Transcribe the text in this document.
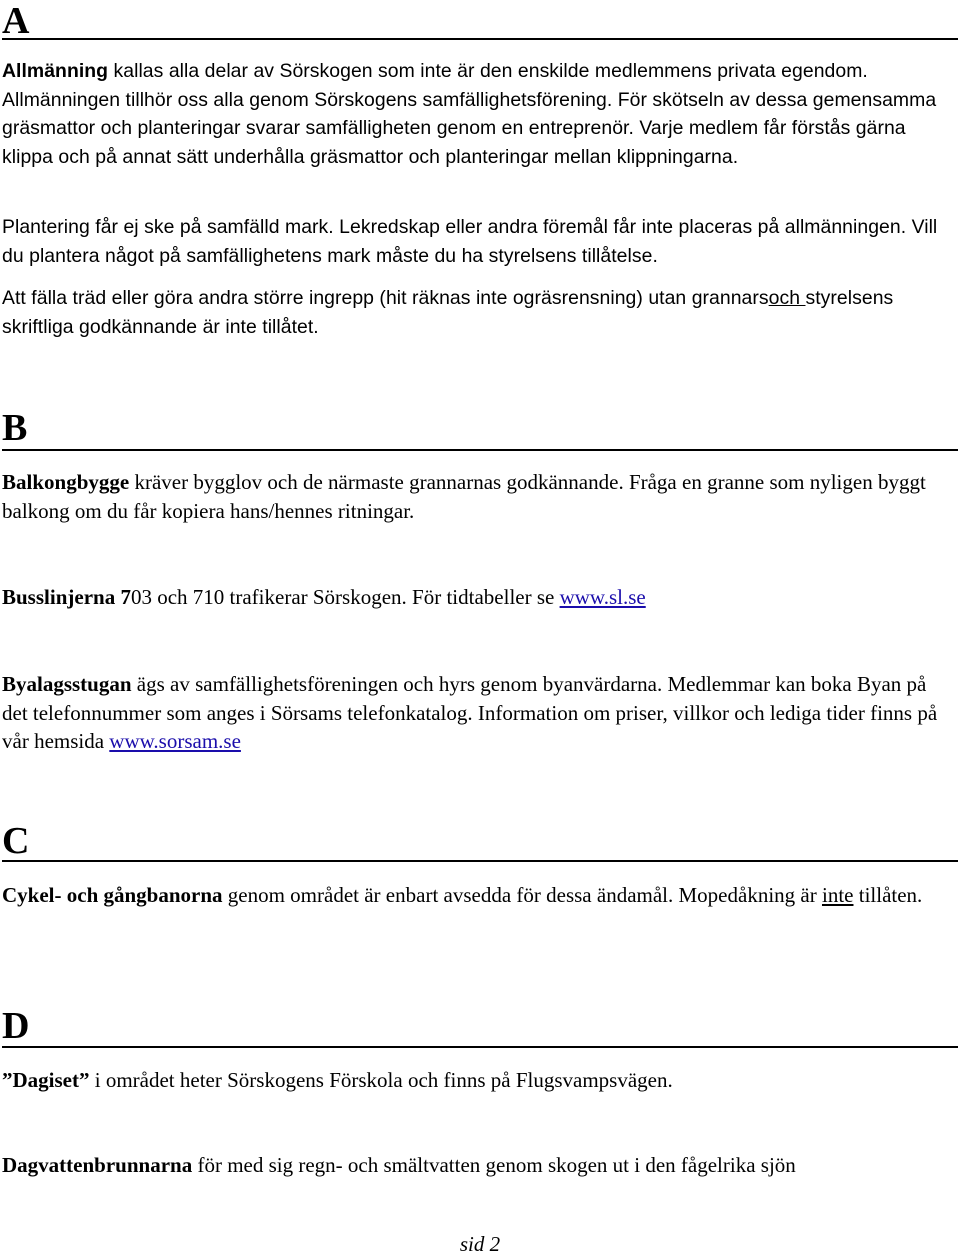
A
Allmänning kallas alla delar av Sörskogen som inte är den enskilde medlemmens privata egendom. Allmänningen tillhör oss alla genom Sörskogens samfällighetsförening. För skötseln av dessa gemensamma gräsmattor och planteringar svarar samfälligheten genom en entreprenör. Varje medlem får förstås gärna klippa och på annat sätt underhålla gräsmattor och planteringar mellan klippningarna.
Plantering får ej ske på samfälld mark. Lekredskap eller andra föremål får inte placeras på allmänningen. Vill du plantera något på samfällighetens mark måste du ha styrelsens tillåtelse.
Att fälla träd eller göra andra större ingrepp (hit räknas inte ogräsrensning) utan grannarsoch styrelsens skriftliga godkännande är inte tillåtet.
B
Balkongbygge kräver bygglov och de närmaste grannarnas godkännande. Fråga en granne som nyligen byggt balkong om du får kopiera hans/hennes ritningar.
Busslinjerna 703 och 710 trafikerar Sörskogen. För tidtabeller se www.sl.se
Byalagsstugan ägs av samfällighetsföreningen och hyrs genom byanvärdarna. Medlemmar kan boka Byan på det telefonnummer som anges i Sörsams telefonkatalog. Information om priser, villkor och lediga tider finns på vår hemsida www.sorsam.se
C
Cykel- och gångbanorna genom området är enbart avsedda för dessa ändamål. Mopedåkning är inte tillåten.
D
”Dagiset” i området heter Sörskogens Förskola och finns på Flugsvampsvägen.
Dagvattenbrunnarna för med sig regn- och smältvatten genom skogen ut i den fågelrika sjön
sid 2
